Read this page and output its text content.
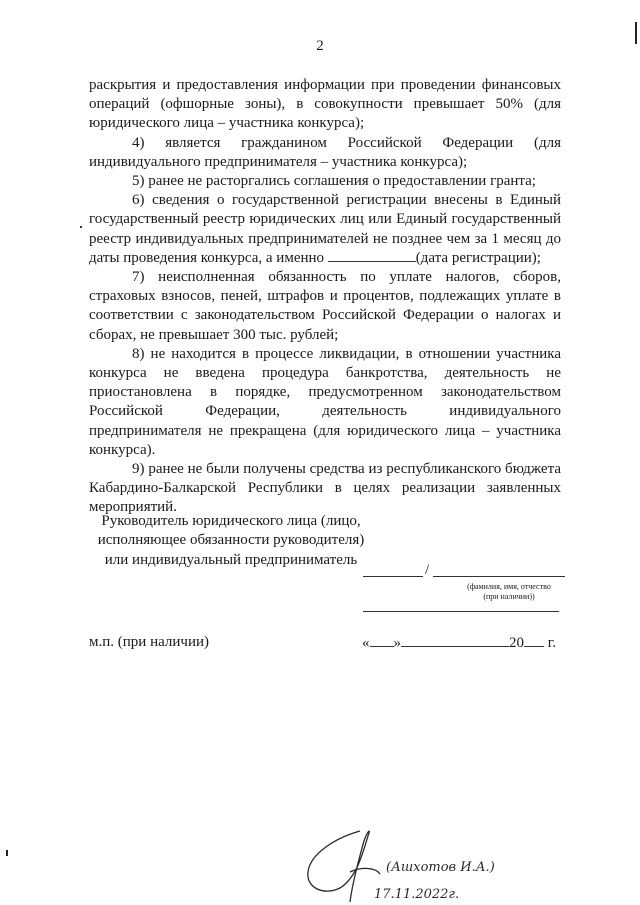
2

раскрытия и предоставления информации при проведении финансовых операций (офшорные зоны), в совокупности превышает 50% (для юридического лица – участника конкурса);

4) является гражданином Российской Федерации (для индивидуального предпринимателя – участника конкурса);

5) ранее не расторгались соглашения о предоставлении гранта;

6) сведения о государственной регистрации внесены в Единый государственный реестр юридических лиц или Единый государственный реестр индивидуальных предпринимателей не позднее чем за 1 месяц до даты проведения конкурса, а именно	(дата регистрации);

7) неисполненная обязанность по уплате налогов, сборов, страховых взносов, пеней, штрафов и процентов, подлежащих уплате в соответствии с законодательством Российской Федерации о налогах и сборах, не превышает 300 тыс. рублей;

8) не находится в процессе ликвидации, в отношении участника конкурса не введена процедура банкротства, деятельность не приостановлена в порядке, предусмотренном законодательством Российской Федерации, деятельность индивидуального предпринимателя не прекращена (для юридического лица – участника конкурса).

9) ранее не были получены средства из республиканского бюджета Кабардино-Балкарской Республики в целях реализации заявленных мероприятий.

Руководитель юридического лица (лицо, исполняющее обязанности руководителя) или индивидуальный предприниматель
/
(фамилия, имя, отчество
(при наличии))
м.п. (при наличии)	« »	20 г.
(Ашхотов И.А.)
17.11.2022г.
